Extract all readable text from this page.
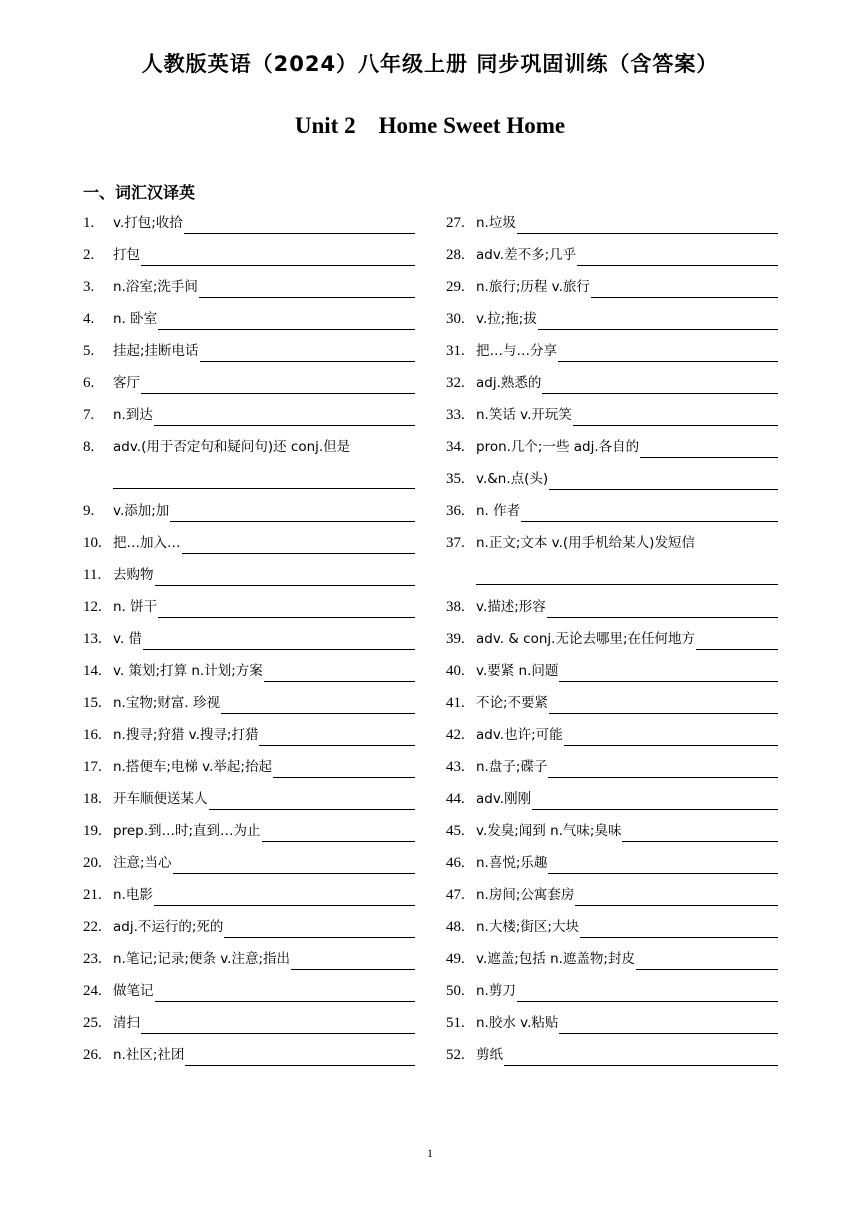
人教版英语（2024）八年级上册 同步巩固训练（含答案）
Unit 2    Home Sweet Home
一、词汇汉译英
1.	v.打包;收拾
2.	打包
3.	n.浴室;洗手间
4.	n. 卧室
5.	挂起;挂断电话
6.	客厅
7.	n.到达
8.	adv.(用于否定句和疑问句)还 conj.但是
9.	v.添加;加
10. 把…加入…
11. 去购物
12. n. 饼干
13. v. 借
14. v. 策划;打算 n.计划;方案
15. n.宝物;财富. 珍视
16. n.搜寻;狩猎 v.搜寻;打猎
17. n.搭便车;电梯 v.举起;抬起
18. 开车顺便送某人
19. prep.到…时;直到…为止
20. 注意;当心
21. n.电影
22. adj.不运行的;死的
23. n.笔记;记录;便条 v.注意;指出
24. 做笔记
25. 清扫
26. n.社区;社团
27. n.垃圾
28. adv.差不多;几乎
29. n.旅行;历程 v.旅行
30. v.拉;拖;拔
31. 把…与…分享
32. adj.熟悉的
33. n.笑话 v.开玩笑
34. pron.几个;一些 adj.各自的
35. v.&n.点(头)
36. n. 作者
37. n.正文;文本 v.(用手机给某人)发短信
38. v.描述;形容
39. adv. & conj.无论去哪里;在任何地方
40. v.要紧 n.问题
41. 不论;不要紧
42. adv.也许;可能
43. n.盘子;碟子
44. adv.刚刚
45. v.发臭;闻到 n.气味;臭味
46. n.喜悦;乐趣
47. n.房间;公寓套房
48. n.大楼;街区;大块
49. v.遮盖;包括 n.遮盖物;封皮
50. n.剪刀
51. n.胶水 v.粘贴
52. 剪纸
1
